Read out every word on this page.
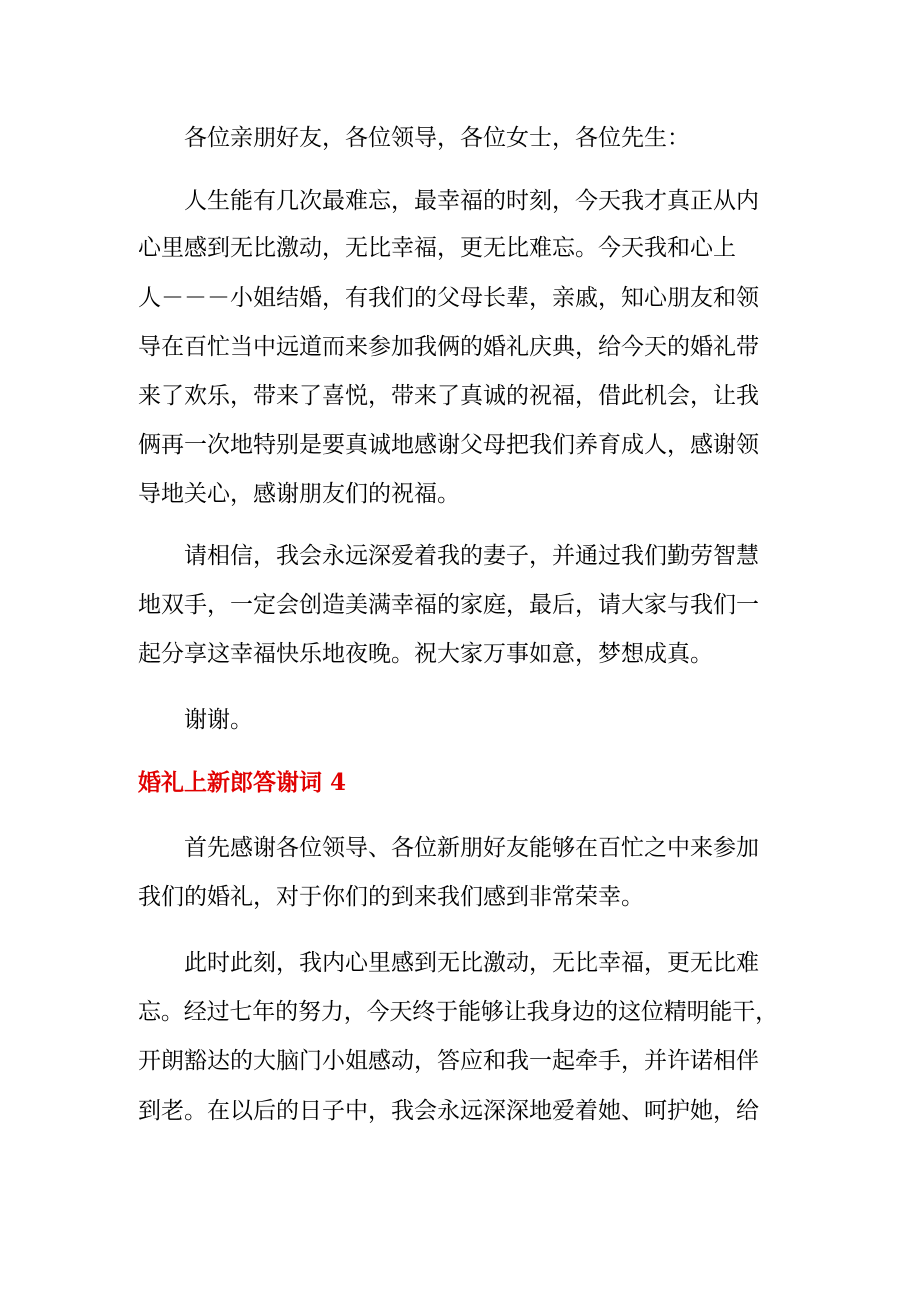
各位亲朋好友，各位领导，各位女士，各位先生：
人生能有几次最难忘，最幸福的时刻，今天我才真正从内
心里感到无比激动，无比幸福，更无比难忘。今天我和心上
人－－－小姐结婚，有我们的父母长辈，亲戚，知心朋友和领
导在百忙当中远道而来参加我俩的婚礼庆典，给今天的婚礼带
来了欢乐，带来了喜悦，带来了真诚的祝福，借此机会，让我
俩再一次地特别是要真诚地感谢父母把我们养育成人，感谢领
导地关心，感谢朋友们的祝福。
请相信，我会永远深爱着我的妻子，并通过我们勤劳智慧
地双手，一定会创造美满幸福的家庭，最后，请大家与我们一
起分享这幸福快乐地夜晚。祝大家万事如意，梦想成真。
谢谢。
婚礼上新郎答谢词 4
首先感谢各位领导、各位新朋好友能够在百忙之中来参加
我们的婚礼，对于你们的到来我们感到非常荣幸。
此时此刻，我内心里感到无比激动，无比幸福，更无比难
忘。经过七年的努力，今天终于能够让我身边的这位精明能干，
开朗豁达的大脑门小姐感动，答应和我一起牵手，并许诺相伴
到老。在以后的日子中，我会永远深深地爱着她、呵护她，给
